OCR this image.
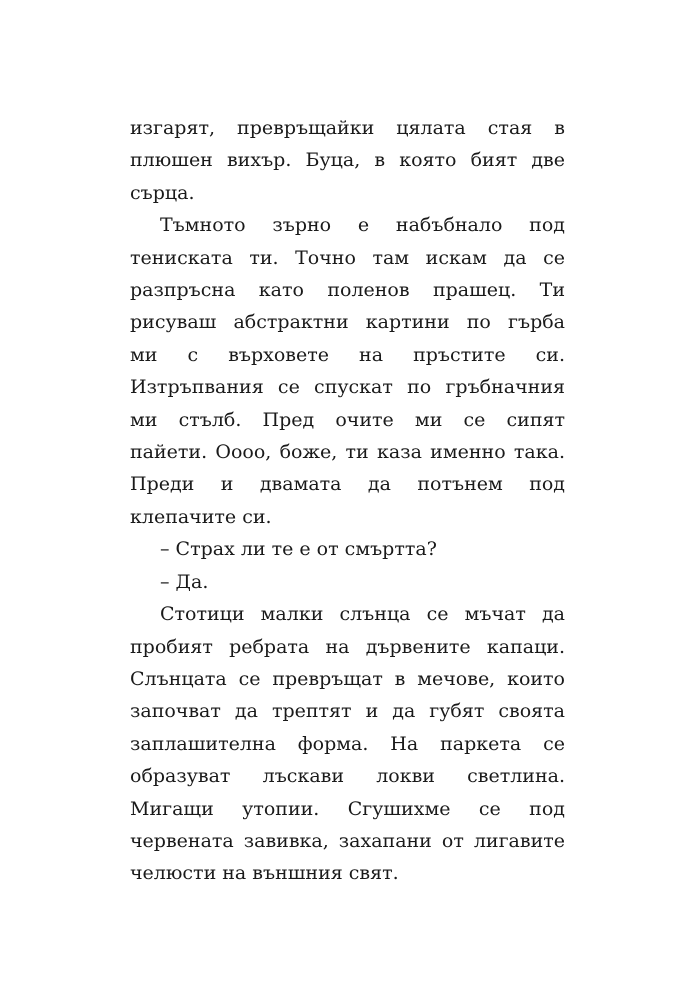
изгарят, превръщайки цялата стая в
плюшен вихър. Буца, в която бият две
сърца.
Тъмното зърно е набъбнало под
тениската ти. Точно там искам да се
разпръсна като поленов прашец. Ти
рисуваш абстрактни картини по гърба
ми с върховете на пръстите си.
Изтръпвания се спускат по гръбначния
ми стълб. Пред очите ми се сипят
пайети. Оооо, боже, ти каза именно така.
Преди и двамата да потънем под
клепачите си.
– Страх ли те е от смъртта?
– Да.
Стотици малки слънца се мъчат да
пробият ребрата на дървените капаци.
Слънцата се превръщат в мечове, които
започват да трептят и да губят своята
заплашителна форма. На паркета се
образуват лъскави локви светлина.
Мигащи утопии. Сгушихме се под
червената завивка, захапани от лигавите
челюсти на външния свят.
